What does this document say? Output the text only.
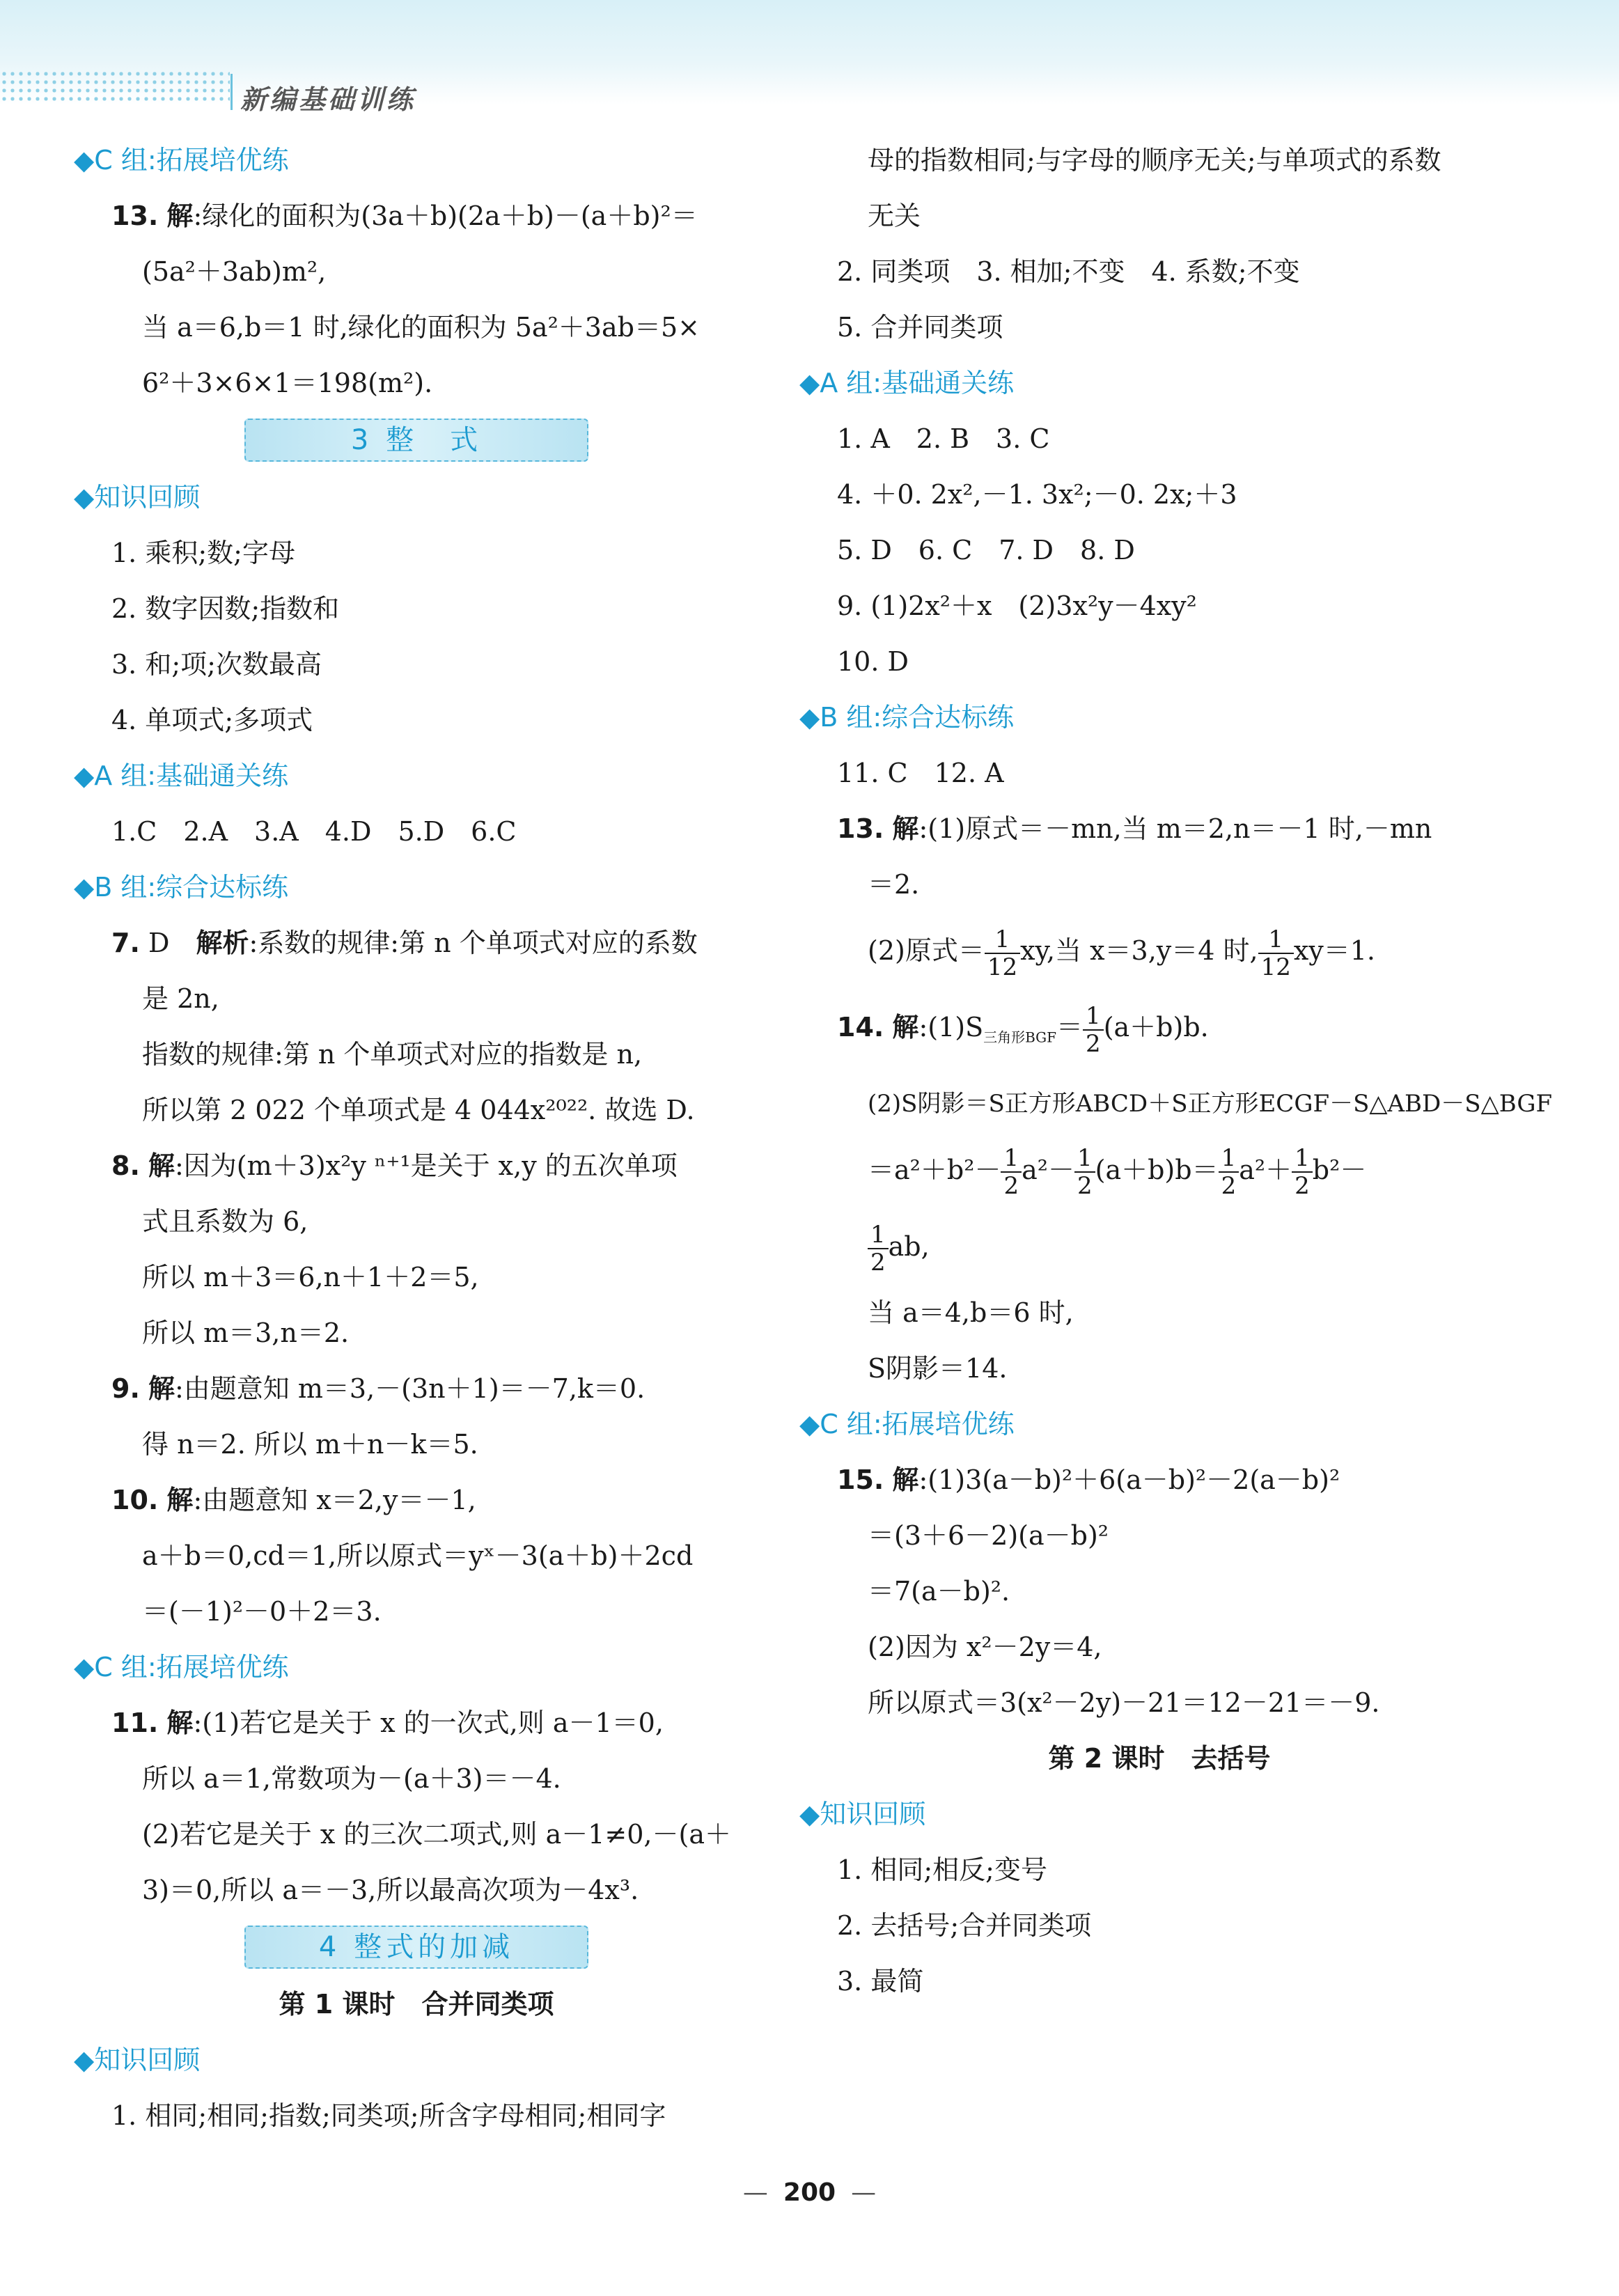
新编基础训练
◆C 组:拓展培优练
13. 解:绿化的面积为(3a＋b)(2a＋b)－(a＋b)²＝
(5a²＋3ab)m²,
当 a＝6,b＝1 时,绿化的面积为 5a²＋3ab＝5×
6²＋3×6×1＝198(m²).
3 整　式
◆知识回顾
1. 乘积;数;字母
2. 数字因数;指数和
3. 和;项;次数最高
4. 单项式;多项式
◆A 组:基础通关练
1.C　2.A　3.A　4.D　5.D　6.C
◆B 组:综合达标练
7. D　 解析:系数的规律:第 n 个单项式对应的系数
是 2n,
指数的规律:第 n 个单项式对应的指数是 n,
所以第 2 022 个单项式是 4 044x²⁰²². 故选 D.
8. 解:因为(m＋3)x²y ⁿ⁺¹是关于 x,y 的五次单项
式且系数为 6,
所以 m＋3＝6,n＋1＋2＝5,
所以 m＝3,n＝2.
9. 解:由题意知 m＝3,－(3n＋1)＝－7,k＝0.
得 n＝2. 所以 m＋n－k＝5.
10. 解:由题意知 x＝2,y＝－1,
a＋b＝0,cd＝1,所以原式＝yˣ－3(a＋b)＋2cd
＝(－1)²－0＋2＝3.
◆C 组:拓展培优练
11. 解:(1)若它是关于 x 的一次式,则 a－1＝0,
所以 a＝1,常数项为－(a＋3)＝－4.
(2)若它是关于 x 的三次二项式,则 a－1≠0,－(a＋
3)＝0,所以 a＝－3,所以最高次项为－4x³.
4 整式的加减
第 1 课时　合并同类项
◆知识回顾
1. 相同;相同;指数;同类项;所含字母相同;相同字
母的指数相同;与字母的顺序无关;与单项式的系数
无关
2. 同类项　3. 相加;不变　4. 系数;不变
5. 合并同类项
◆A 组:基础通关练
1. A　2. B　3. C
4. ＋0. 2x²,－1. 3x²;－0. 2x;＋3
5. D　6. C　7. D　8. D
9. (1)2x²＋x　(2)3x²y－4xy²
10. D
◆B 组:综合达标练
11. C　12. A
13. 解:(1)原式＝－mn,当 m＝2,n＝－1 时,－mn
＝2.
(2)原式＝ $\frac{1}{12}$ xy,当 x＝3,y＝4 时, $\frac{1}{12} xy=1$.
14. 解$:(1)S_{三角形BGF}= \frac{1}{2} (a+b)b$.
(2)S阴影＝S正方形ABCD＋S正方形ECGF－S△ABD－S△BGF
$=a^2+b^2- \frac{1}{2} a^2- \frac{1}{2} (a+b)b= \frac{1}{2} a^2+ \frac{1}{2} b^2-$
$\frac{1}{2}$ ab,
当 a＝4,b＝6 时,
S阴影＝14.
◆C 组:拓展培优练
15. 解:(1)3(a－b)²＋6(a－b)²－2(a－b)²
＝(3＋6－2)(a－b)²
＝7(a－b)².
(2)因为 x²－2y＝4,
所以原式＝3(x²－2y)－21＝12－21＝－9.
第 2 课时　去括号
◆知识回顾
1. 相同;相反;变号
2. 去括号;合并同类项
3. 最简
— 200 —
